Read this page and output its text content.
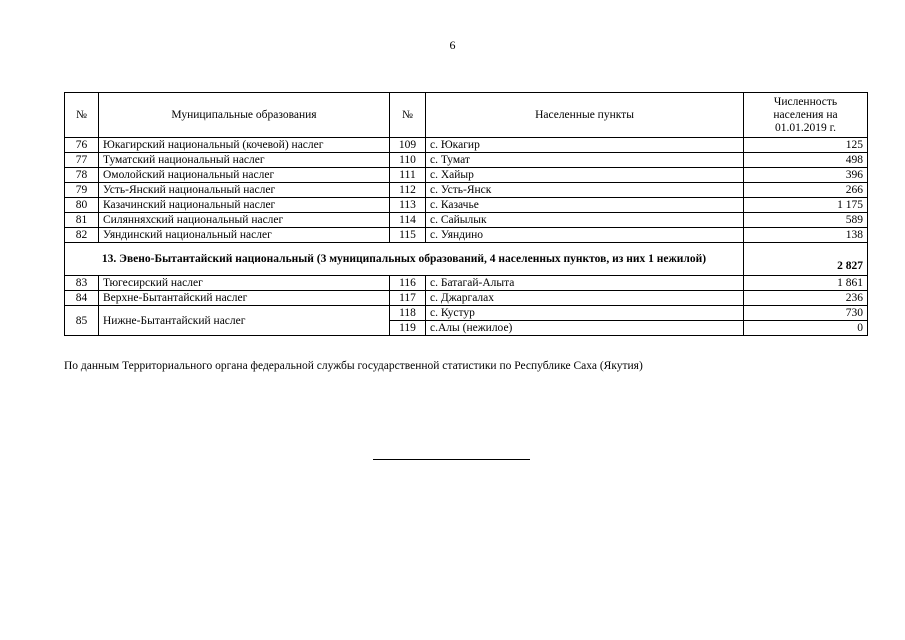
6
№	Муниципальные образования	№	Населенные пункты	Численность населения на 01.01.2019 г.
76	Юкагирский национальный (кочевой) наслег	109	с. Юкагир	125
77	Туматский национальный наслег	110	с. Тумат	498
78	Омолойский национальный наслег	111	с. Хайыр	396
79	Усть-Янский национальный наслег	112	с. Усть-Янск	266
80	Казачинский национальный наслег	113	с. Казачье	1 175
81	Силянняхский национальный наслег	114	с. Сайылык	589
82	Уяндинский национальный наслег	115	с. Уяндино	138
13. Эвено-Бытантайский национальный (3 муниципальных образований, 4 населенных пунктов, из них 1 нежилой)				2 827
83	Тюгесирский наслег	116	с. Батагай-Алыта	1 861
84	Верхне-Бытантайский наслег	117	с. Джаргалах	236
85	Нижне-Бытантайский наслег	118	с. Кустур	730
		119	с.Алы (нежилое)	0
По данным Территориального органа федеральной службы государственной статистики по Республике Саха (Якутия)
